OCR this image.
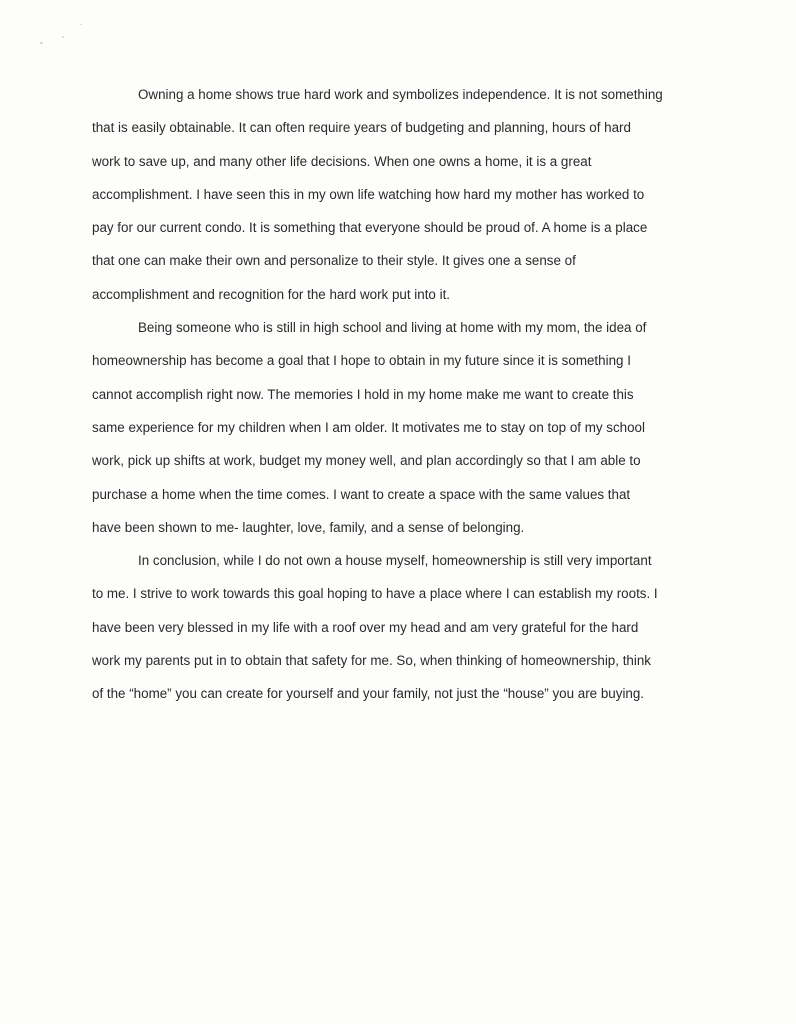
Owning a home shows true hard work and symbolizes independence. It is not something
that is easily obtainable. It can often require years of budgeting and planning, hours of hard
work to save up, and many other life decisions. When one owns a home, it is a great
accomplishment. I have seen this in my own life watching how hard my mother has worked to
pay for our current condo. It is something that everyone should be proud of. A home is a place
that one can make their own and personalize to their style. It gives one a sense of
accomplishment and recognition for the hard work put into it.
Being someone who is still in high school and living at home with my mom, the idea of
homeownership has become a goal that I hope to obtain in my future since it is something I
cannot accomplish right now. The memories I hold in my home make me want to create this
same experience for my children when I am older. It motivates me to stay on top of my school
work, pick up shifts at work, budget my money well, and plan accordingly so that I am able to
purchase a home when the time comes. I want to create a space with the same values that
have been shown to me- laughter, love, family, and a sense of belonging.
In conclusion, while I do not own a house myself, homeownership is still very important
to me. I strive to work towards this goal hoping to have a place where I can establish my roots. I
have been very blessed in my life with a roof over my head and am very grateful for the hard
work my parents put in to obtain that safety for me. So, when thinking of homeownership, think
of the “home” you can create for yourself and your family, not just the “house” you are buying.
